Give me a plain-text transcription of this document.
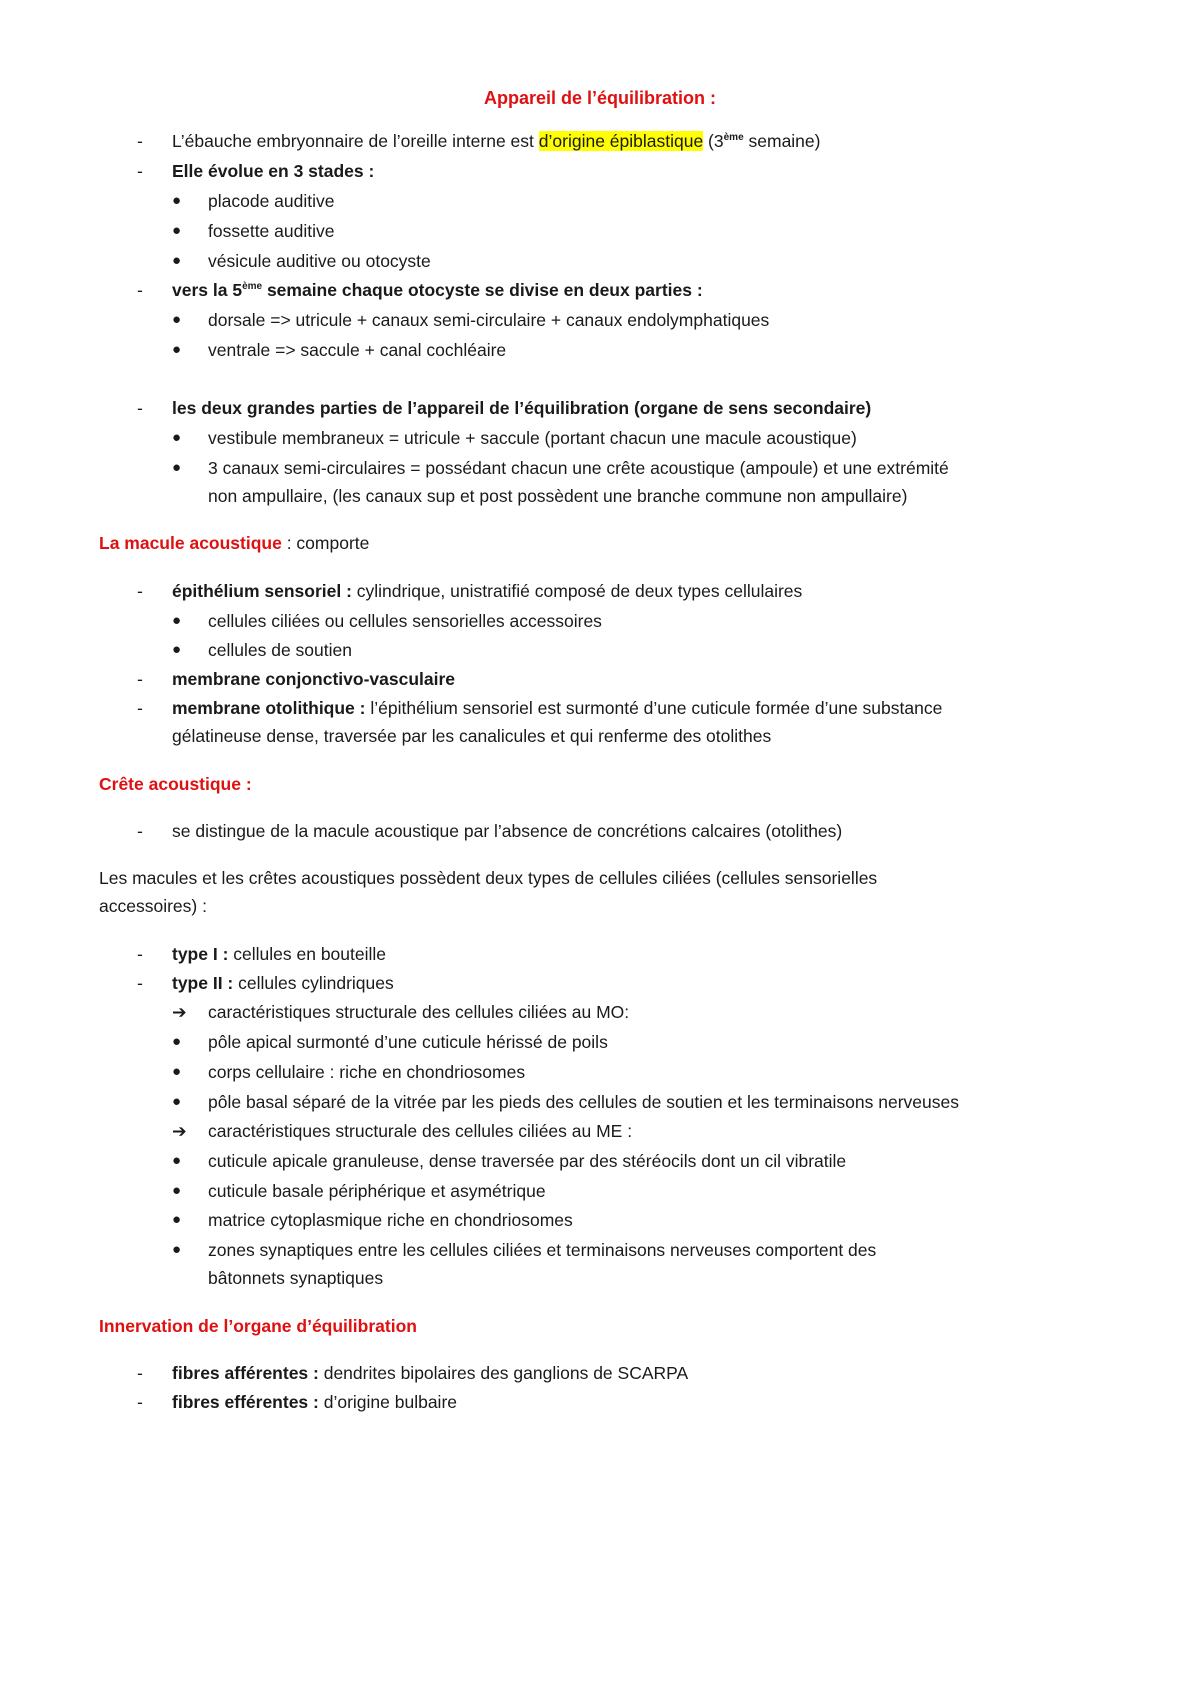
Appareil de l’équilibration :
- L’ébauche embryonnaire de l’oreille interne est d’origine épiblastique (3ème semaine)
- Elle évolue en 3 stades :
● placode auditive
● fossette auditive
● vésicule auditive ou otocyste
- vers la 5ème semaine chaque otocyste se divise en deux parties :
● dorsale => utricule + canaux semi-circulaire + canaux endolymphatiques
● ventrale => saccule + canal cochléaire
- les deux grandes parties de l’appareil de l’équilibration (organe de sens secondaire)
● vestibule membraneux = utricule + saccule (portant chacun une macule acoustique)
● 3 canaux semi-circulaires = possédant chacun une crête acoustique (ampoule) et une extrémité
non ampullaire, (les canaux sup et post possèdent une branche commune non ampullaire)
La macule acoustique : comporte
- épithélium sensoriel : cylindrique, unistratifié composé de deux types cellulaires
● cellules ciliées ou cellules sensorielles accessoires
● cellules de soutien
- membrane conjonctivo-vasculaire
- membrane otolithique : l’épithélium sensoriel est surmonté d’une cuticule formée d’une substance
gélatineuse dense, traversée par les canalicules et qui renferme des otolithes
Crête acoustique :
- se distingue de la macule acoustique par l’absence de concrétions calcaires (otolithes)
Les macules et les crêtes acoustiques possèdent deux types de cellules ciliées (cellules sensorielles
accessoires) :
- type I : cellules en bouteille
- type II : cellules cylindriques
➔ caractéristiques structurale des cellules ciliées au MO:
● pôle apical surmonté d’une cuticule hérissé de poils
● corps cellulaire : riche en chondriosomes
● pôle basal séparé de la vitrée par les pieds des cellules de soutien et les terminaisons nerveuses
➔ caractéristiques structurale des cellules ciliées au ME :
● cuticule apicale granuleuse, dense traversée par des stéréocils dont un cil vibratile
● cuticule basale périphérique et asymétrique
● matrice cytoplasmique riche en chondriosomes
● zones synaptiques entre les cellules ciliées et terminaisons nerveuses comportent des
bâtonnets synaptiques
Innervation de l’organe d’équilibration
- fibres afférentes : dendrites bipolaires des ganglions de SCARPA
- fibres efférentes : d’origine bulbaire
